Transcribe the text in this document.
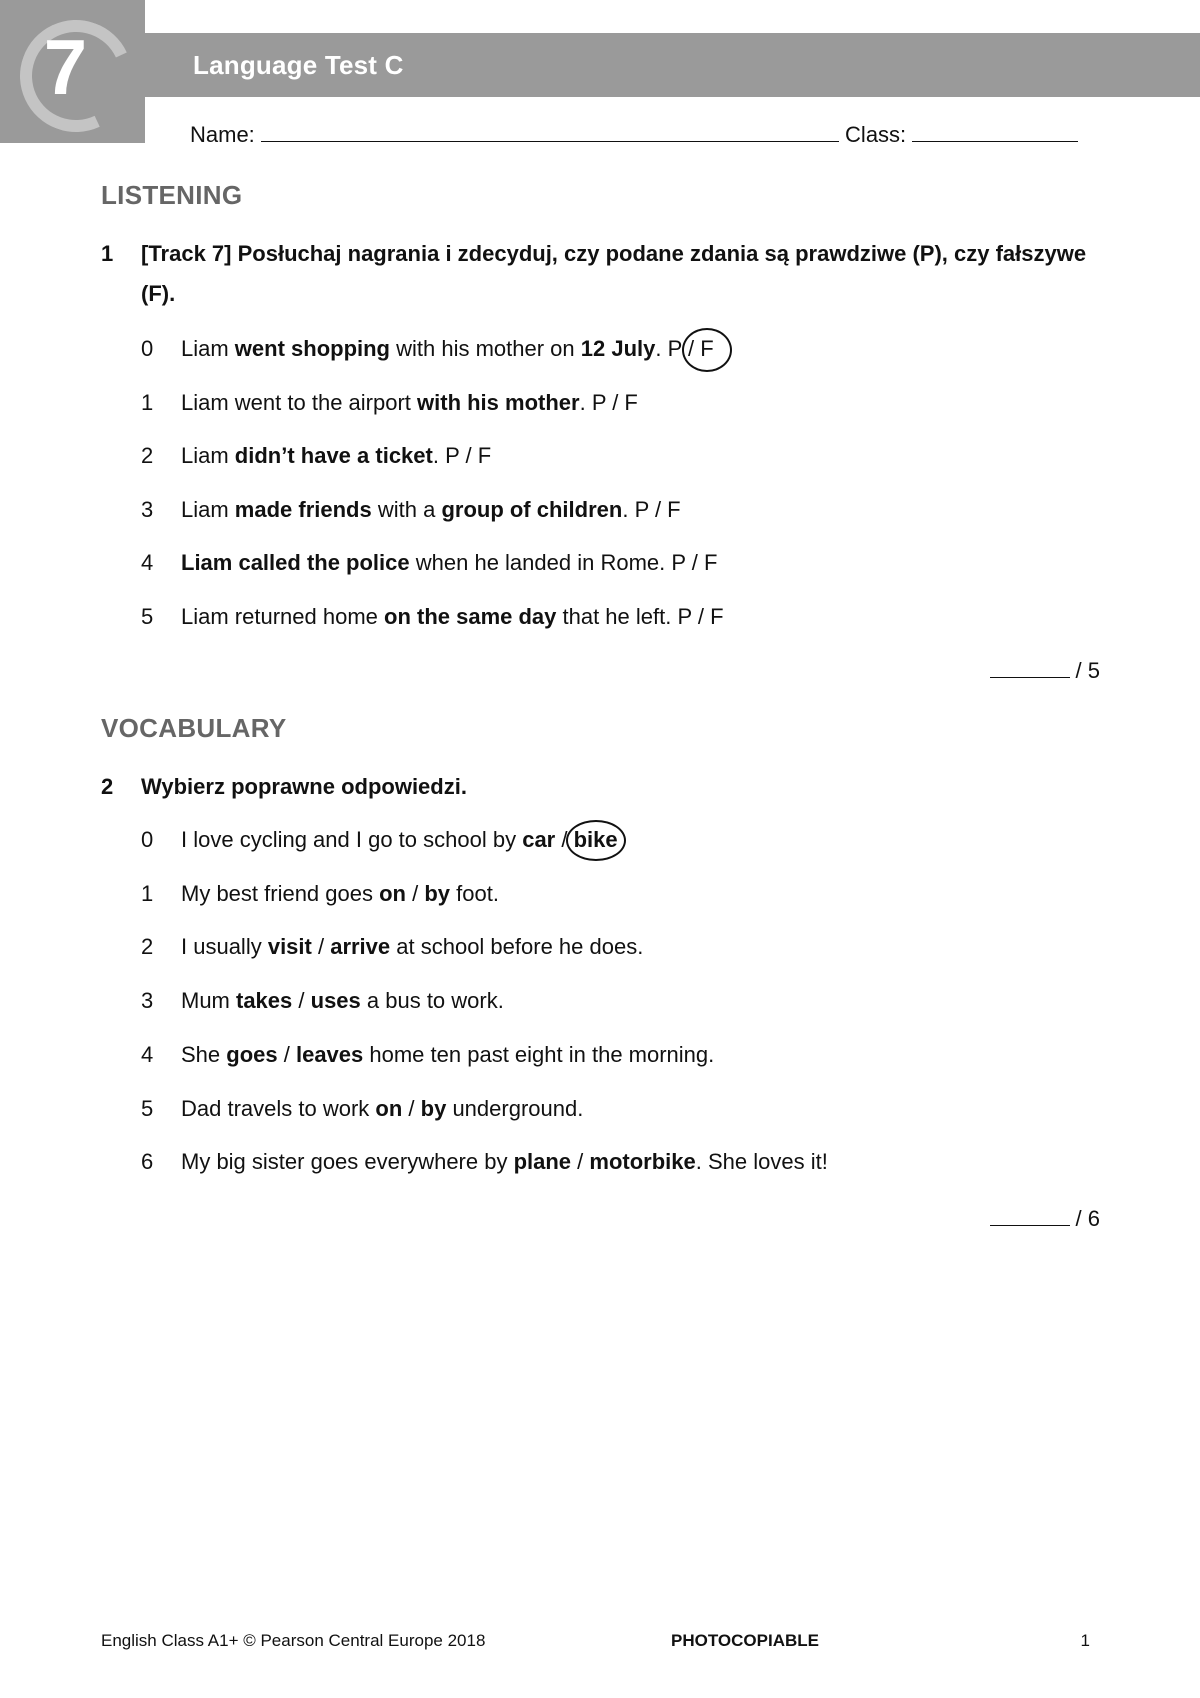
7	Language Test C
Name:	Class:
LISTENING
1 [Track 7] Posłuchaj nagrania i zdecyduj, czy podane zdania są prawdziwe (P), czy fałszywe (F).
0 Liam went shopping with his mother on 12 July. P / F
1 Liam went to the airport with his mother. P / F
2 Liam didn’t have a ticket. P / F
3 Liam made friends with a group of children. P / F
4 Liam called the police when he landed in Rome. P / F
5 Liam returned home on the same day that he left. P / F
/ 5
VOCABULARY
2 Wybierz poprawne odpowiedzi.
0 I love cycling and I go to school by car / bike
1 My best friend goes on / by foot.
2 I usually visit / arrive at school before he does.
3 Mum takes / uses a bus to work.
4 She goes / leaves home ten past eight in the morning.
5 Dad travels to work on / by underground.
6 My big sister goes everywhere by plane / motorbike. She loves it!
/ 6
English Class A1+ © Pearson Central Europe 2018	PHOTOCOPIABLE	1
